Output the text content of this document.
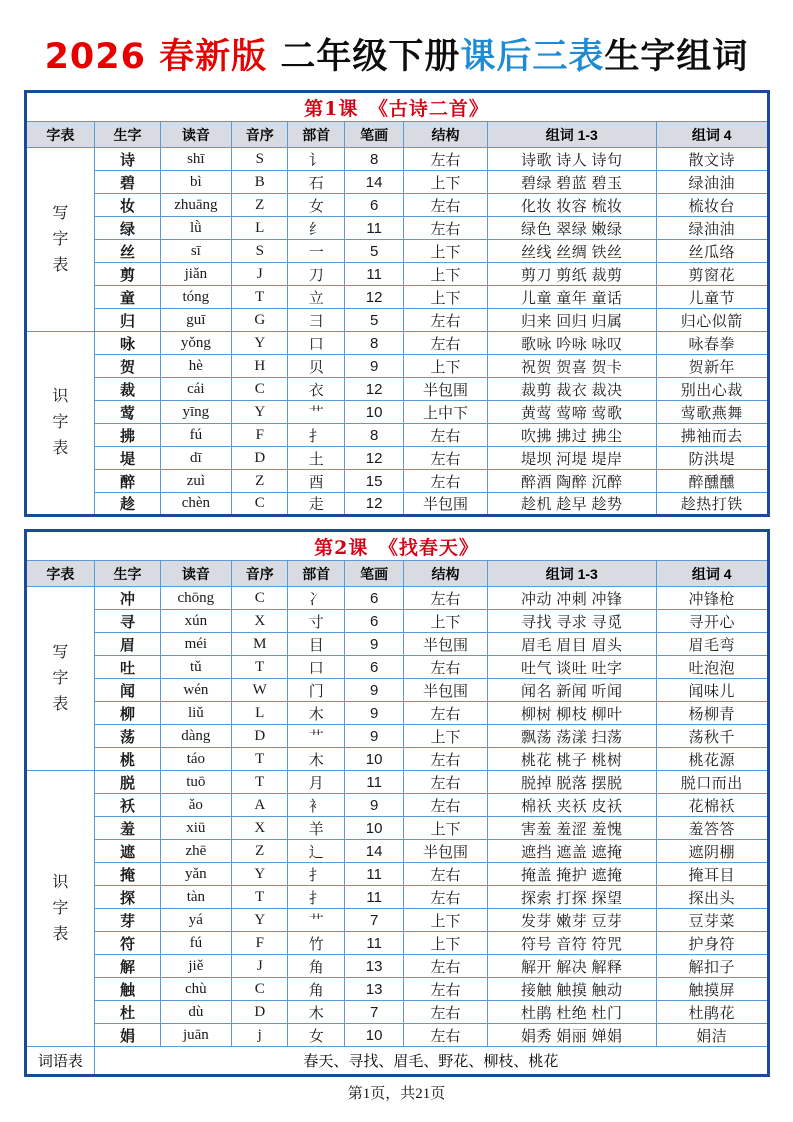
2026 春新版 二年级下册课后三表生字组词
第1课　《古诗二首》								
字表	生字	读音	音序	部首	笔画	结构	组词 1-3	组词 4

写
字
表	诗	shī	S	讠	8	左右	诗歌 诗人 诗句	散文诗
	碧	bì	B	石	14	上下	碧绿 碧蓝 碧玉	绿油油
	妆	zhuāng	Z	女	6	左右	化妆 妆容 梳妆	梳妆台
	绿	lǜ	L	纟	11	左右	绿色 翠绿 嫩绿	绿油油
	丝	sī	S	一	5	上下	丝线 丝绸 铁丝	丝瓜络
	剪	jiǎn	J	刀	11	上下	剪刀 剪纸 裁剪	剪窗花
	童	tóng	T	立	12	上下	儿童 童年 童话	儿童节
	归	guī	G	彐	5	左右	归来 回归 归属	归心似箭

识
字
表	咏	yǒng	Y	口	8	左右	歌咏 吟咏 咏叹	咏春拳
	贺	hè	H	贝	9	上下	祝贺 贺喜 贺卡	贺新年
	裁	cái	C	衣	12	半包围	裁剪 裁衣 裁决	别出心裁
	莺	yīng	Y	艹	10	上中下	黄莺 莺啼 莺歌	莺歌燕舞
	拂	fú	F	扌	8	左右	吹拂 拂过 拂尘	拂袖而去
	堤	dī	D	土	12	左右	堤坝 河堤 堤岸	防洪堤
	醉	zuì	Z	酉	15	左右	醉酒 陶醉 沉醉	醉醺醺
	趁	chèn	C	走	12	半包围	趁机 趁早 趁势	趁热打铁
第2课　《找春天》								
字表	生字	读音	音序	部首	笔画	结构	组词 1-3	组词 4

写
字
表	冲	chōng	C	冫	6	左右	冲动 冲刺 冲锋	冲锋枪
	寻	xún	X	寸	6	上下	寻找 寻求 寻觅	寻开心
	眉	méi	M	目	9	半包围	眉毛 眉目 眉头	眉毛弯
	吐	tǔ	T	口	6	左右	吐气 谈吐 吐字	吐泡泡
	闻	wén	W	门	9	半包围	闻名 新闻 听闻	闻味儿
	柳	liǔ	L	木	9	左右	柳树 柳枝 柳叶	杨柳青
	荡	dàng	D	艹	9	上下	飘荡 荡漾 扫荡	荡秋千
	桃	táo	T	木	10	左右	桃花 桃子 桃树	桃花源

识
字
表	脱	tuō	T	月	11	左右	脱掉 脱落 摆脱	脱口而出
	袄	ǎo	A	衤	9	左右	棉袄 夹袄 皮袄	花棉袄
	羞	xiū	X	羊	10	上下	害羞 羞涩 羞愧	羞答答
	遮	zhē	Z	辶	14	半包围	遮挡 遮盖 遮掩	遮阴棚
	掩	yǎn	Y	扌	11	左右	掩盖 掩护 遮掩	掩耳目
	探	tàn	T	扌	11	左右	探索 打探 探望	探出头
	芽	yá	Y	艹	7	上下	发芽 嫩芽 豆芽	豆芽菜
	符	fú	F	竹	11	上下	符号 音符 符咒	护身符
	解	jiě	J	角	13	左右	解开 解决 解释	解扣子
	触	chù	C	角	13	左右	接触 触摸 触动	触摸屏
	杜	dù	D	木	7	左右	杜鹃 杜绝 杜门	杜鹃花
	娟	juān	j	女	10	左右	娟秀 娟丽 婵娟	娟洁
词语表	春天、寻找、眉毛、野花、柳枝、桃花							
第1页，共21页
